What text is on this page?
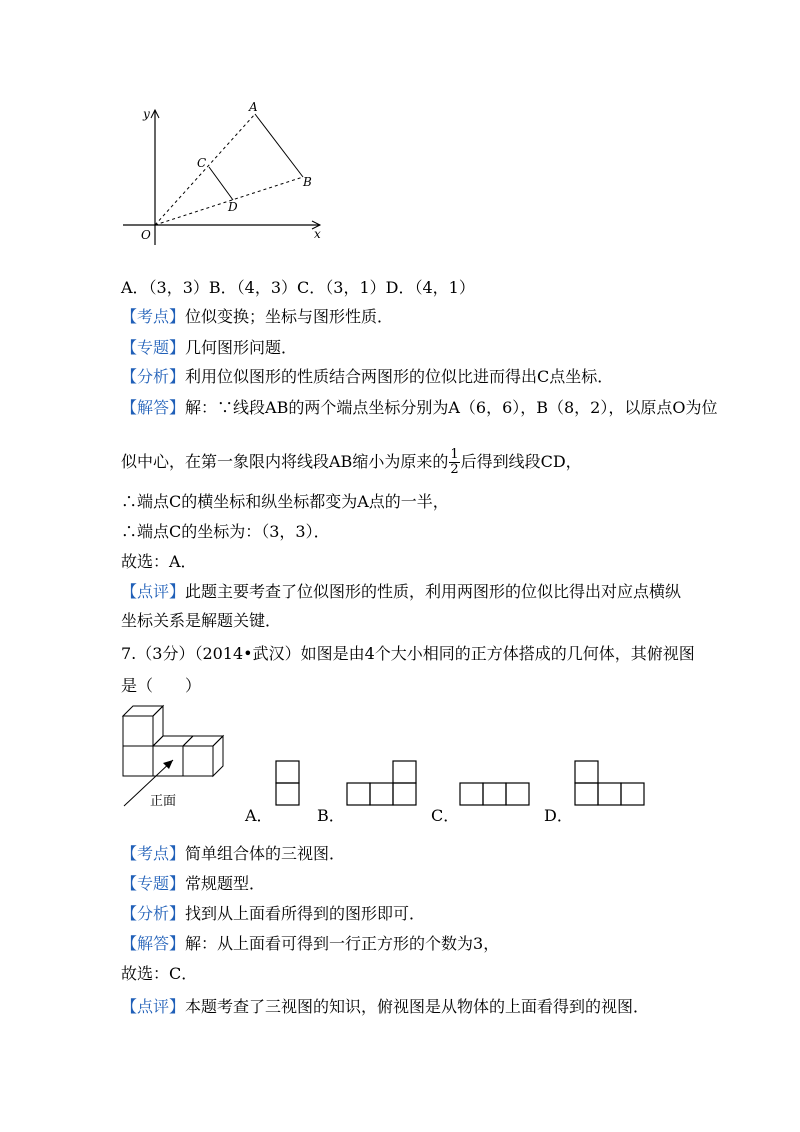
y
x
O
A
B
C
D
A．（3，3）B．（4，3）C．（3，1）D．（4，1）
【考点】位似变换；坐标与图形性质．
【专题】几何图形问题．
【分析】利用位似图形的性质结合两图形的位似比进而得出C点坐标．
【解答】解：∵线段AB的两个端点坐标分别为A（6，6），B（8，2），以原点O为位
似中心，在第一象限内将线段AB缩小为原来的 $\frac{1}{2}$ 后得到线段CD，
∴端点C的横坐标和纵坐标都变为A点的一半，
∴端点C的坐标为：（3，3）．
故选：A．
【点评】此题主要考查了位似图形的性质，利用两图形的位似比得出对应点横纵
坐标关系是解题关键．
7.（3分）（2014•武汉）如图是由4个大小相同的正方体搭成的几何体，其俯视图
是（　　）
正面
A．	B．	C．	D．
【考点】简单组合体的三视图．
【专题】常规题型．
【分析】找到从上面看所得到的图形即可．
【解答】解：从上面看可得到一行正方形的个数为3，
故选：C．
【点评】本题考查了三视图的知识，俯视图是从物体的上面看得到的视图．
